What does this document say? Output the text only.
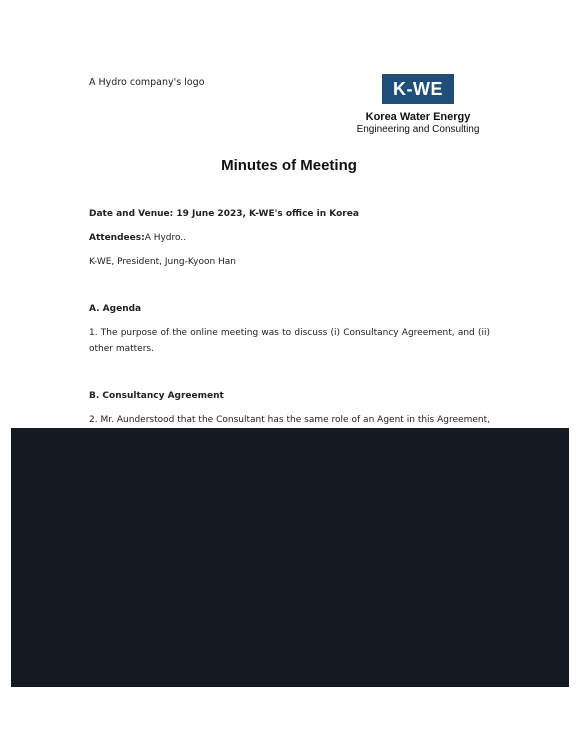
A Hydro company's logo	K-WE
Korea Water Energy
Engineering and Consulting
Minutes of Meeting
Date and Venue: 19 June 2023, K-WE's office in Korea
Attendees:A Hydro..
K-WE, President, Jung-Kyoon Han
A. Agenda
1. The purpose of the online meeting was to discuss (i) Consultancy Agreement, and (ii) other matters.
B. Consultancy Agreement
2. Mr. Aunderstood that the Consultant has the same role of an Agent in this Agreement,
